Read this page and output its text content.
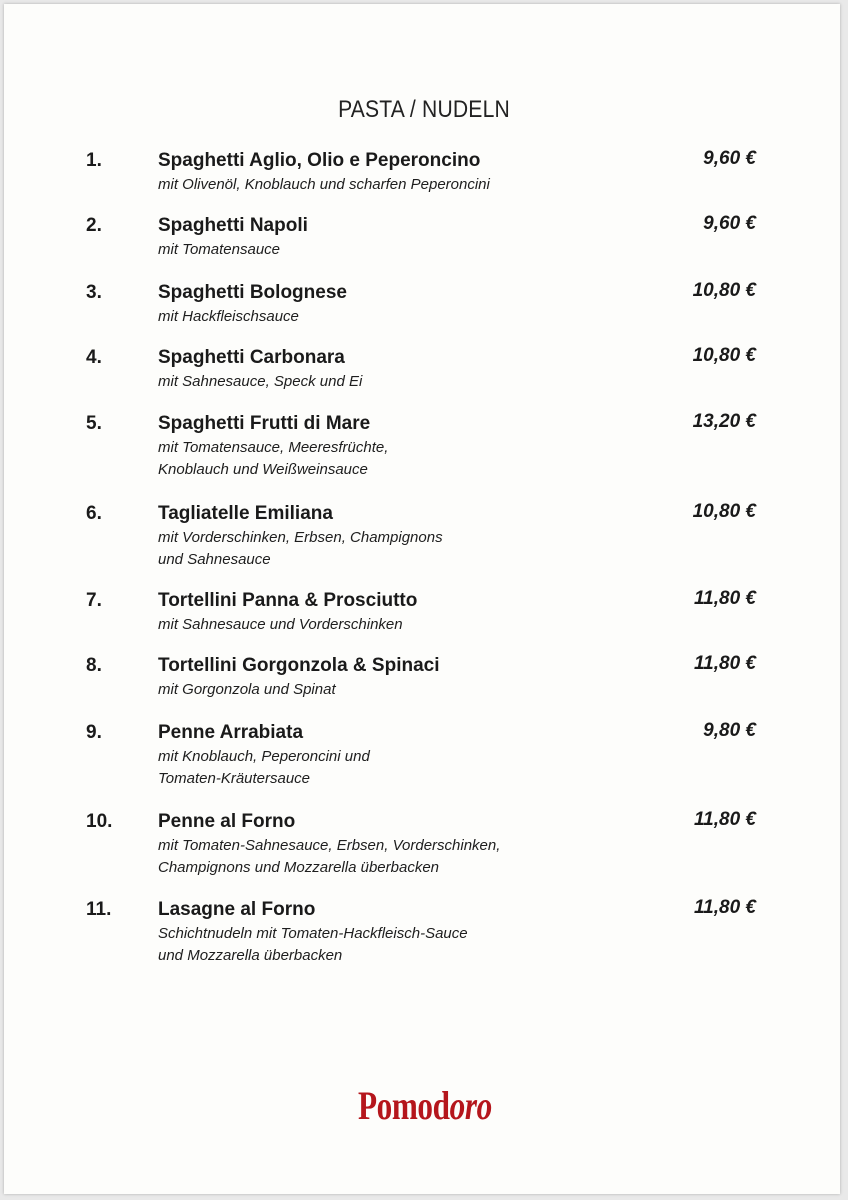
PASTA / NUDELN
1.	Spaghetti Aglio, Olio e Peperoncino
mit Olivenöl, Knoblauch und scharfen Peperoncini
9,60 €
2.	Spaghetti Napoli
mit Tomatensauce
9,60 €
3.	Spaghetti Bolognese
mit Hackfleischsauce
10,80 €
4.	Spaghetti Carbonara
mit Sahnesauce, Speck und Ei
10,80 €
5.	Spaghetti Frutti di Mare
mit Tomatensauce, Meeresfrüchte,
Knoblauch und Weißweinsauce
13,20 €
6.	Tagliatelle Emiliana
mit Vorderschinken, Erbsen, Champignons
und Sahnesauce
10,80 €
7.	Tortellini Panna & Prosciutto
mit Sahnesauce und Vorderschinken
11,80 €
8.	Tortellini Gorgonzola & Spinaci
mit Gorgonzola und Spinat
11,80 €
9.	Penne Arrabiata
mit Knoblauch, Peperoncini und
Tomaten-Kräutersauce
9,80 €
10. Penne al Forno
mit Tomaten-Sahnesauce, Erbsen, Vorderschinken,
Champignons und Mozzarella überbacken
11,80 €
11. Lasagne al Forno
Schichtnudeln mit Tomaten-Hackfleisch-Sauce
und Mozzarella überbacken
11,80 €
Pomodoro
